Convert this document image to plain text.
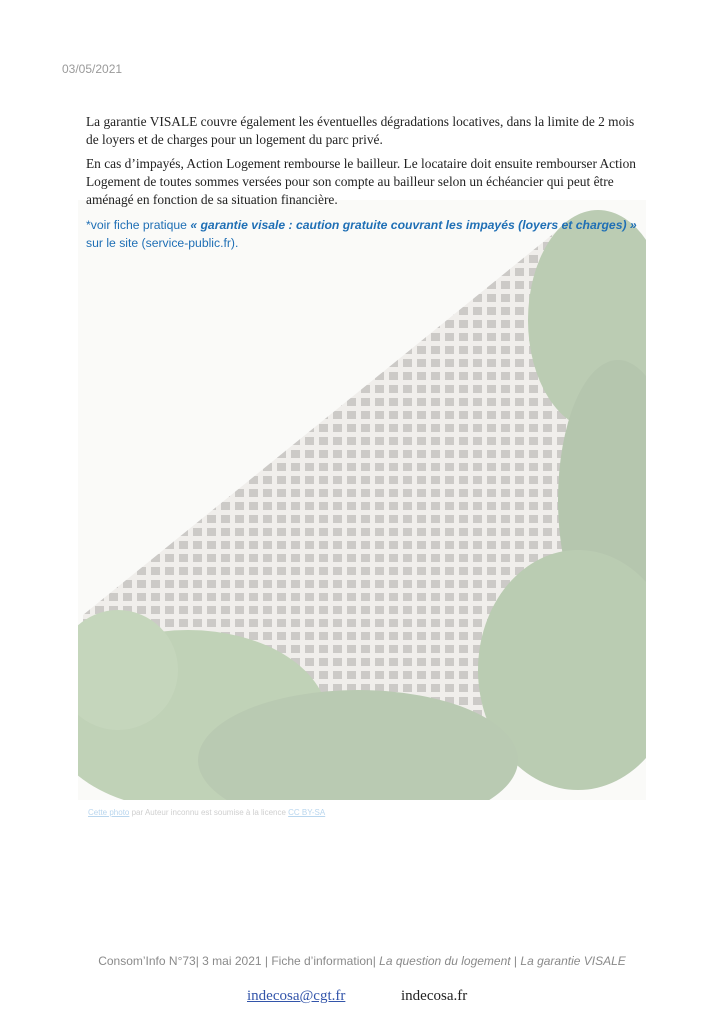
03/05/2021

La garantie VISALE couvre également les éventuelles dégradations locatives, dans la limite de 2 mois de loyers et de charges pour un logement du parc privé.

En cas d’impayés, Action Logement rembourse le bailleur. Le locataire doit ensuite rembourser Action Logement de toutes sommes versées pour son compte au bailleur selon un échéancier qui peut être aménagé en fonction de sa situation financière.

*voir fiche pratique « garantie visale : caution gratuite couvrant les impayés (loyers et charges) »
sur le site (service-public.fr).

Cette photo par Auteur inconnu est soumise à la licence CC BY-SA
Consom’Info N°73| 3 mai 2021 | Fiche d’information| La question du logement | La garantie VISALE
indecosa@cgt.fr	indecosa.fr
